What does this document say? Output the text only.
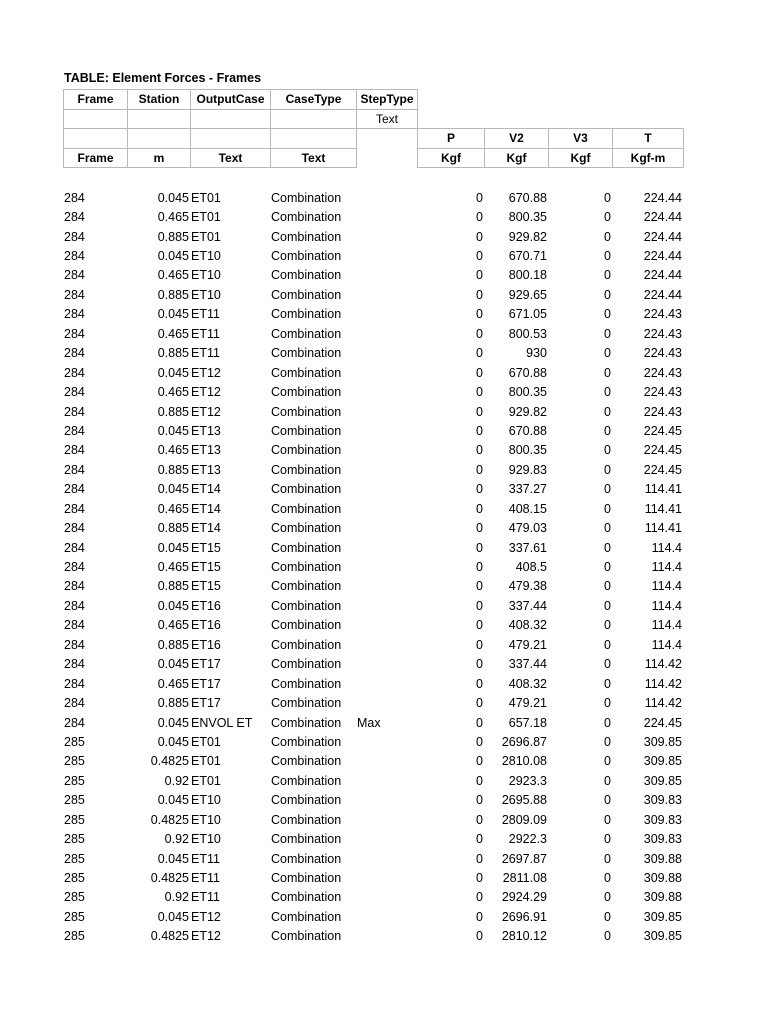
TABLE: Element Forces - Frames
Frame	Station	OutputCase	CaseType	StepType				
				Text				
					P	V2	V3	T
Frame	m	Text	Text		Kgf	Kgf	Kgf	Kgf-m
284	0.045	ET01	Combination		0	670.88	0	224.44
284	0.465	ET01	Combination		0	800.35	0	224.44
284	0.885	ET01	Combination		0	929.82	0	224.44
284	0.045	ET10	Combination		0	670.71	0	224.44
284	0.465	ET10	Combination		0	800.18	0	224.44
284	0.885	ET10	Combination		0	929.65	0	224.44
284	0.045	ET11	Combination		0	671.05	0	224.43
284	0.465	ET11	Combination		0	800.53	0	224.43
284	0.885	ET11	Combination		0	930	0	224.43
284	0.045	ET12	Combination		0	670.88	0	224.43
284	0.465	ET12	Combination		0	800.35	0	224.43
284	0.885	ET12	Combination		0	929.82	0	224.43
284	0.045	ET13	Combination		0	670.88	0	224.45
284	0.465	ET13	Combination		0	800.35	0	224.45
284	0.885	ET13	Combination		0	929.83	0	224.45
284	0.045	ET14	Combination		0	337.27	0	114.41
284	0.465	ET14	Combination		0	408.15	0	114.41
284	0.885	ET14	Combination		0	479.03	0	114.41
284	0.045	ET15	Combination		0	337.61	0	114.4
284	0.465	ET15	Combination		0	408.5	0	114.4
284	0.885	ET15	Combination		0	479.38	0	114.4
284	0.045	ET16	Combination		0	337.44	0	114.4
284	0.465	ET16	Combination		0	408.32	0	114.4
284	0.885	ET16	Combination		0	479.21	0	114.4
284	0.045	ET17	Combination		0	337.44	0	114.42
284	0.465	ET17	Combination		0	408.32	0	114.42
284	0.885	ET17	Combination		0	479.21	0	114.42
284	0.045	ENVOL ET	Combination	Max	0	657.18	0	224.45
285	0.045	ET01	Combination		0	2696.87	0	309.85
285	0.4825	ET01	Combination		0	2810.08	0	309.85
285	0.92	ET01	Combination		0	2923.3	0	309.85
285	0.045	ET10	Combination		0	2695.88	0	309.83
285	0.4825	ET10	Combination		0	2809.09	0	309.83
285	0.92	ET10	Combination		0	2922.3	0	309.83
285	0.045	ET11	Combination		0	2697.87	0	309.88
285	0.4825	ET11	Combination		0	2811.08	0	309.88
285	0.92	ET11	Combination		0	2924.29	0	309.88
285	0.045	ET12	Combination		0	2696.91	0	309.85
285	0.4825	ET12	Combination		0	2810.12	0	309.85
